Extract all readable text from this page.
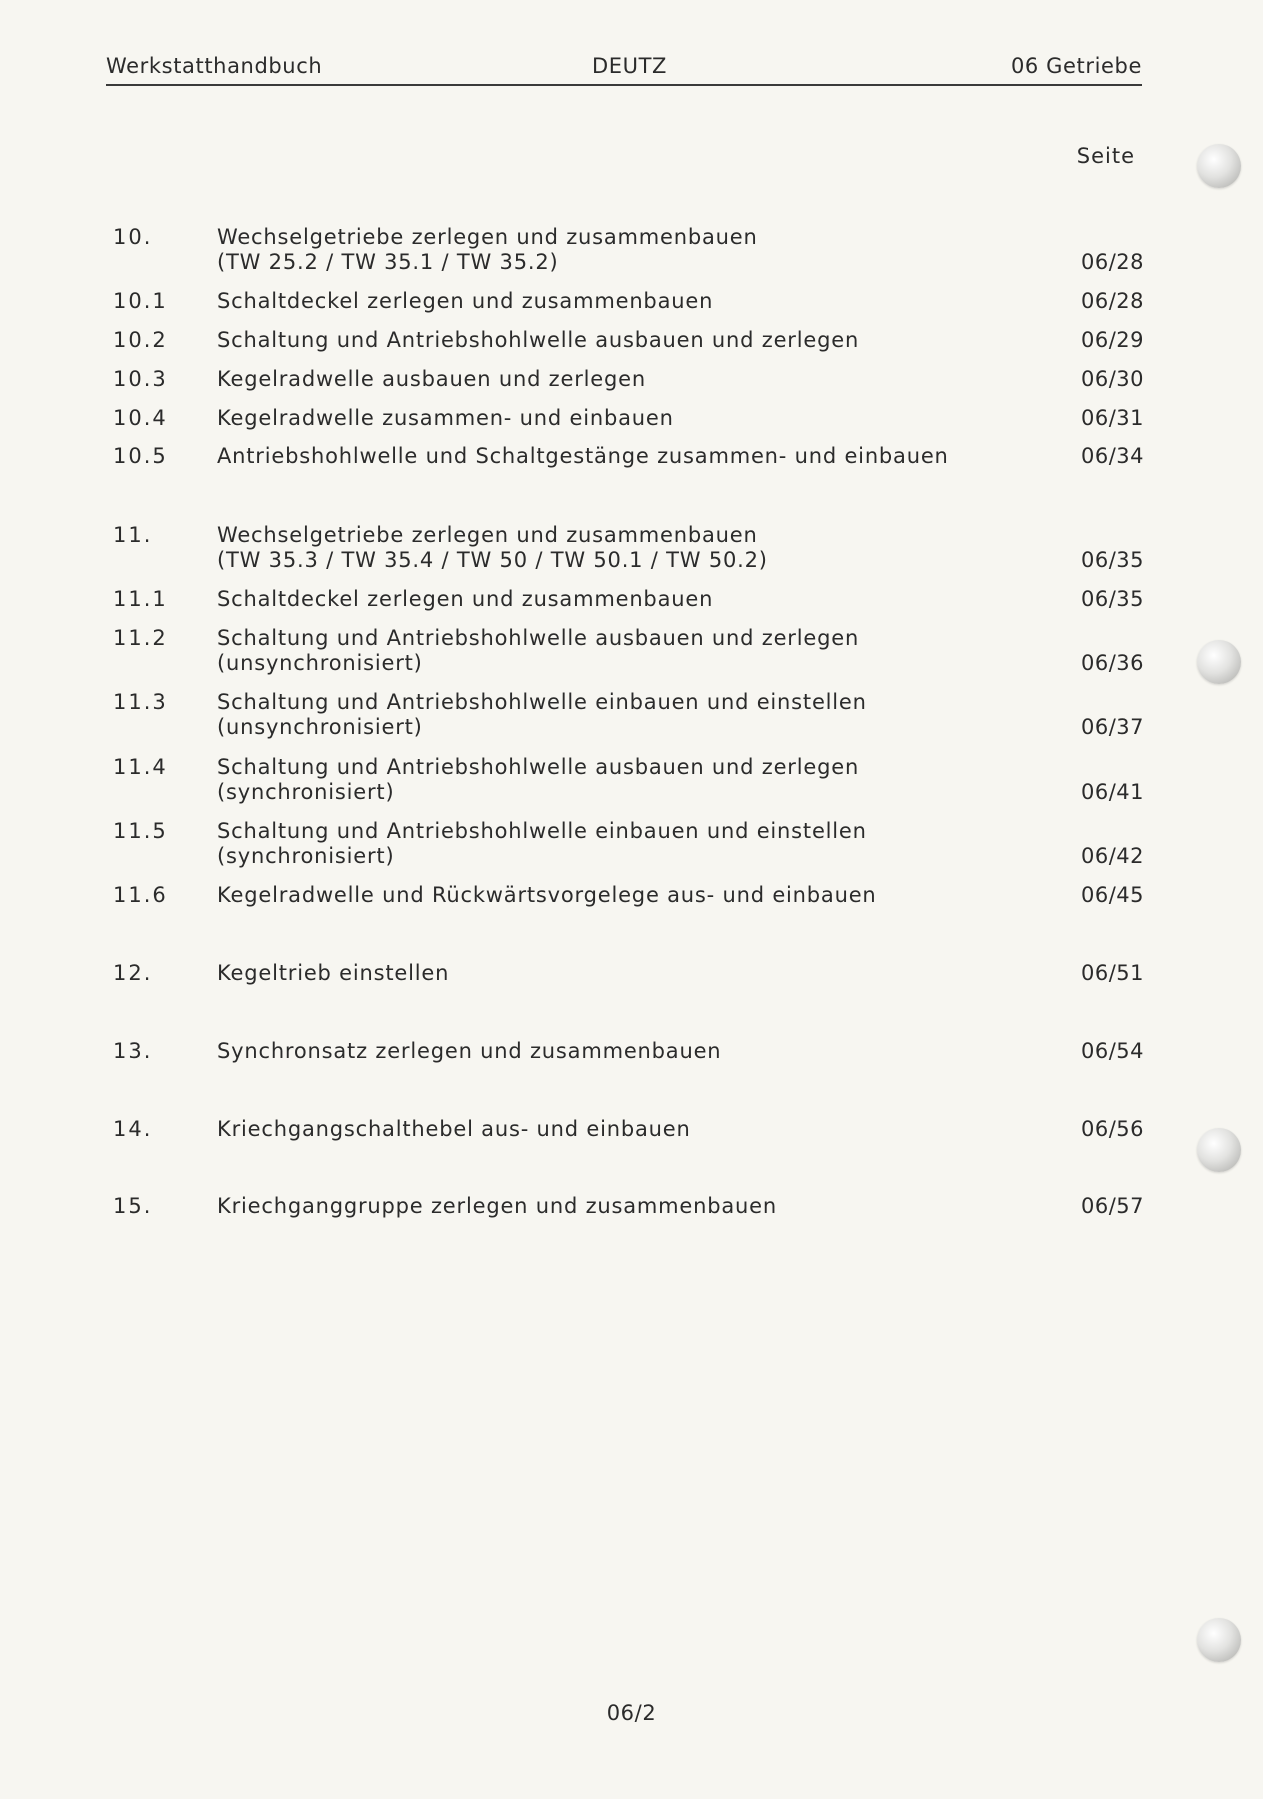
Werkstatthandbuch	DEUTZ	06 Getriebe
Seite
10.	Wechselgetriebe zerlegen und zusammenbauen
(TW 25.2 / TW 35.1 / TW 35.2)	06/28
10.1 Schaltdeckel zerlegen und zusammenbauen	06/28
10.2 Schaltung und Antriebshohlwelle ausbauen und zerlegen	06/29
10.3 Kegelradwelle ausbauen und zerlegen	06/30
10.4 Kegelradwelle zusammen- und einbauen	06/31
10.5 Antriebshohlwelle und Schaltgestänge zusammen- und einbauen	06/34
11.	Wechselgetriebe zerlegen und zusammenbauen
(TW 35.3 / TW 35.4 / TW 50 / TW 50.1 / TW 50.2)	06/35
11.1 Schaltdeckel zerlegen und zusammenbauen	06/35
11.2 Schaltung und Antriebshohlwelle ausbauen und zerlegen
(unsynchronisiert)	06/36
11.3 Schaltung und Antriebshohlwelle einbauen und einstellen
(unsynchronisiert)	06/37
11.4 Schaltung und Antriebshohlwelle ausbauen und zerlegen
(synchronisiert)	06/41
11.5 Schaltung und Antriebshohlwelle einbauen und einstellen
(synchronisiert)	06/42
11.6 Kegelradwelle und Rückwärtsvorgelege aus- und einbauen	06/45
12.	Kegeltrieb einstellen	06/51
13.	Synchronsatz zerlegen und zusammenbauen	06/54
14.	Kriechgangschalthebel aus- und einbauen	06/56
15.	Kriechganggruppe zerlegen und zusammenbauen	06/57
06/2
